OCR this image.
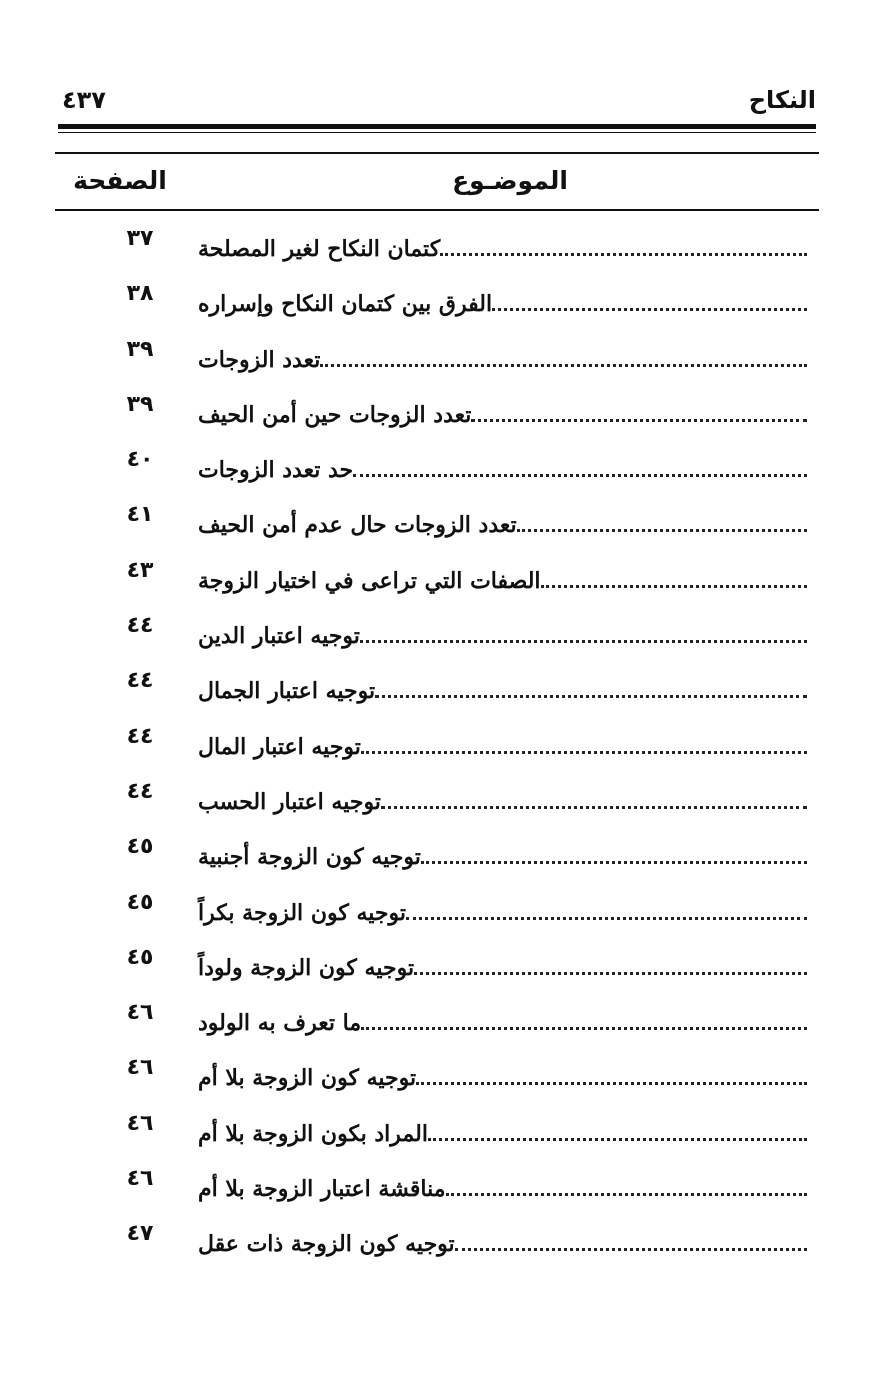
النكاح
٤٣٧
الموضـوع
الصفحة
كتمان النكاح لغير المصلحة
٣٧
الفرق بين كتمان النكاح وإسراره
٣٨
تعدد الزوجات
٣٩
تعدد الزوجات حين أمن الحيف
٣٩
حد تعدد الزوجات
٤٠
تعدد الزوجات حال عدم أمن الحيف
٤١
الصفات التي تراعى في اختيار الزوجة
٤٣
توجيه اعتبار الدين
٤٤
توجيه اعتبار الجمال
٤٤
توجيه اعتبار المال
٤٤
توجيه اعتبار الحسب
٤٤
توجيه كون الزوجة أجنبية
٤٥
توجيه كون الزوجة بكراً
٤٥
توجيه كون الزوجة ولوداً
٤٥
ما تعرف به الولود
٤٦
توجيه كون الزوجة بلا أم
٤٦
المراد بكون الزوجة بلا أم
٤٦
مناقشة اعتبار الزوجة بلا أم
٤٦
توجيه كون الزوجة ذات عقل
٤٧
